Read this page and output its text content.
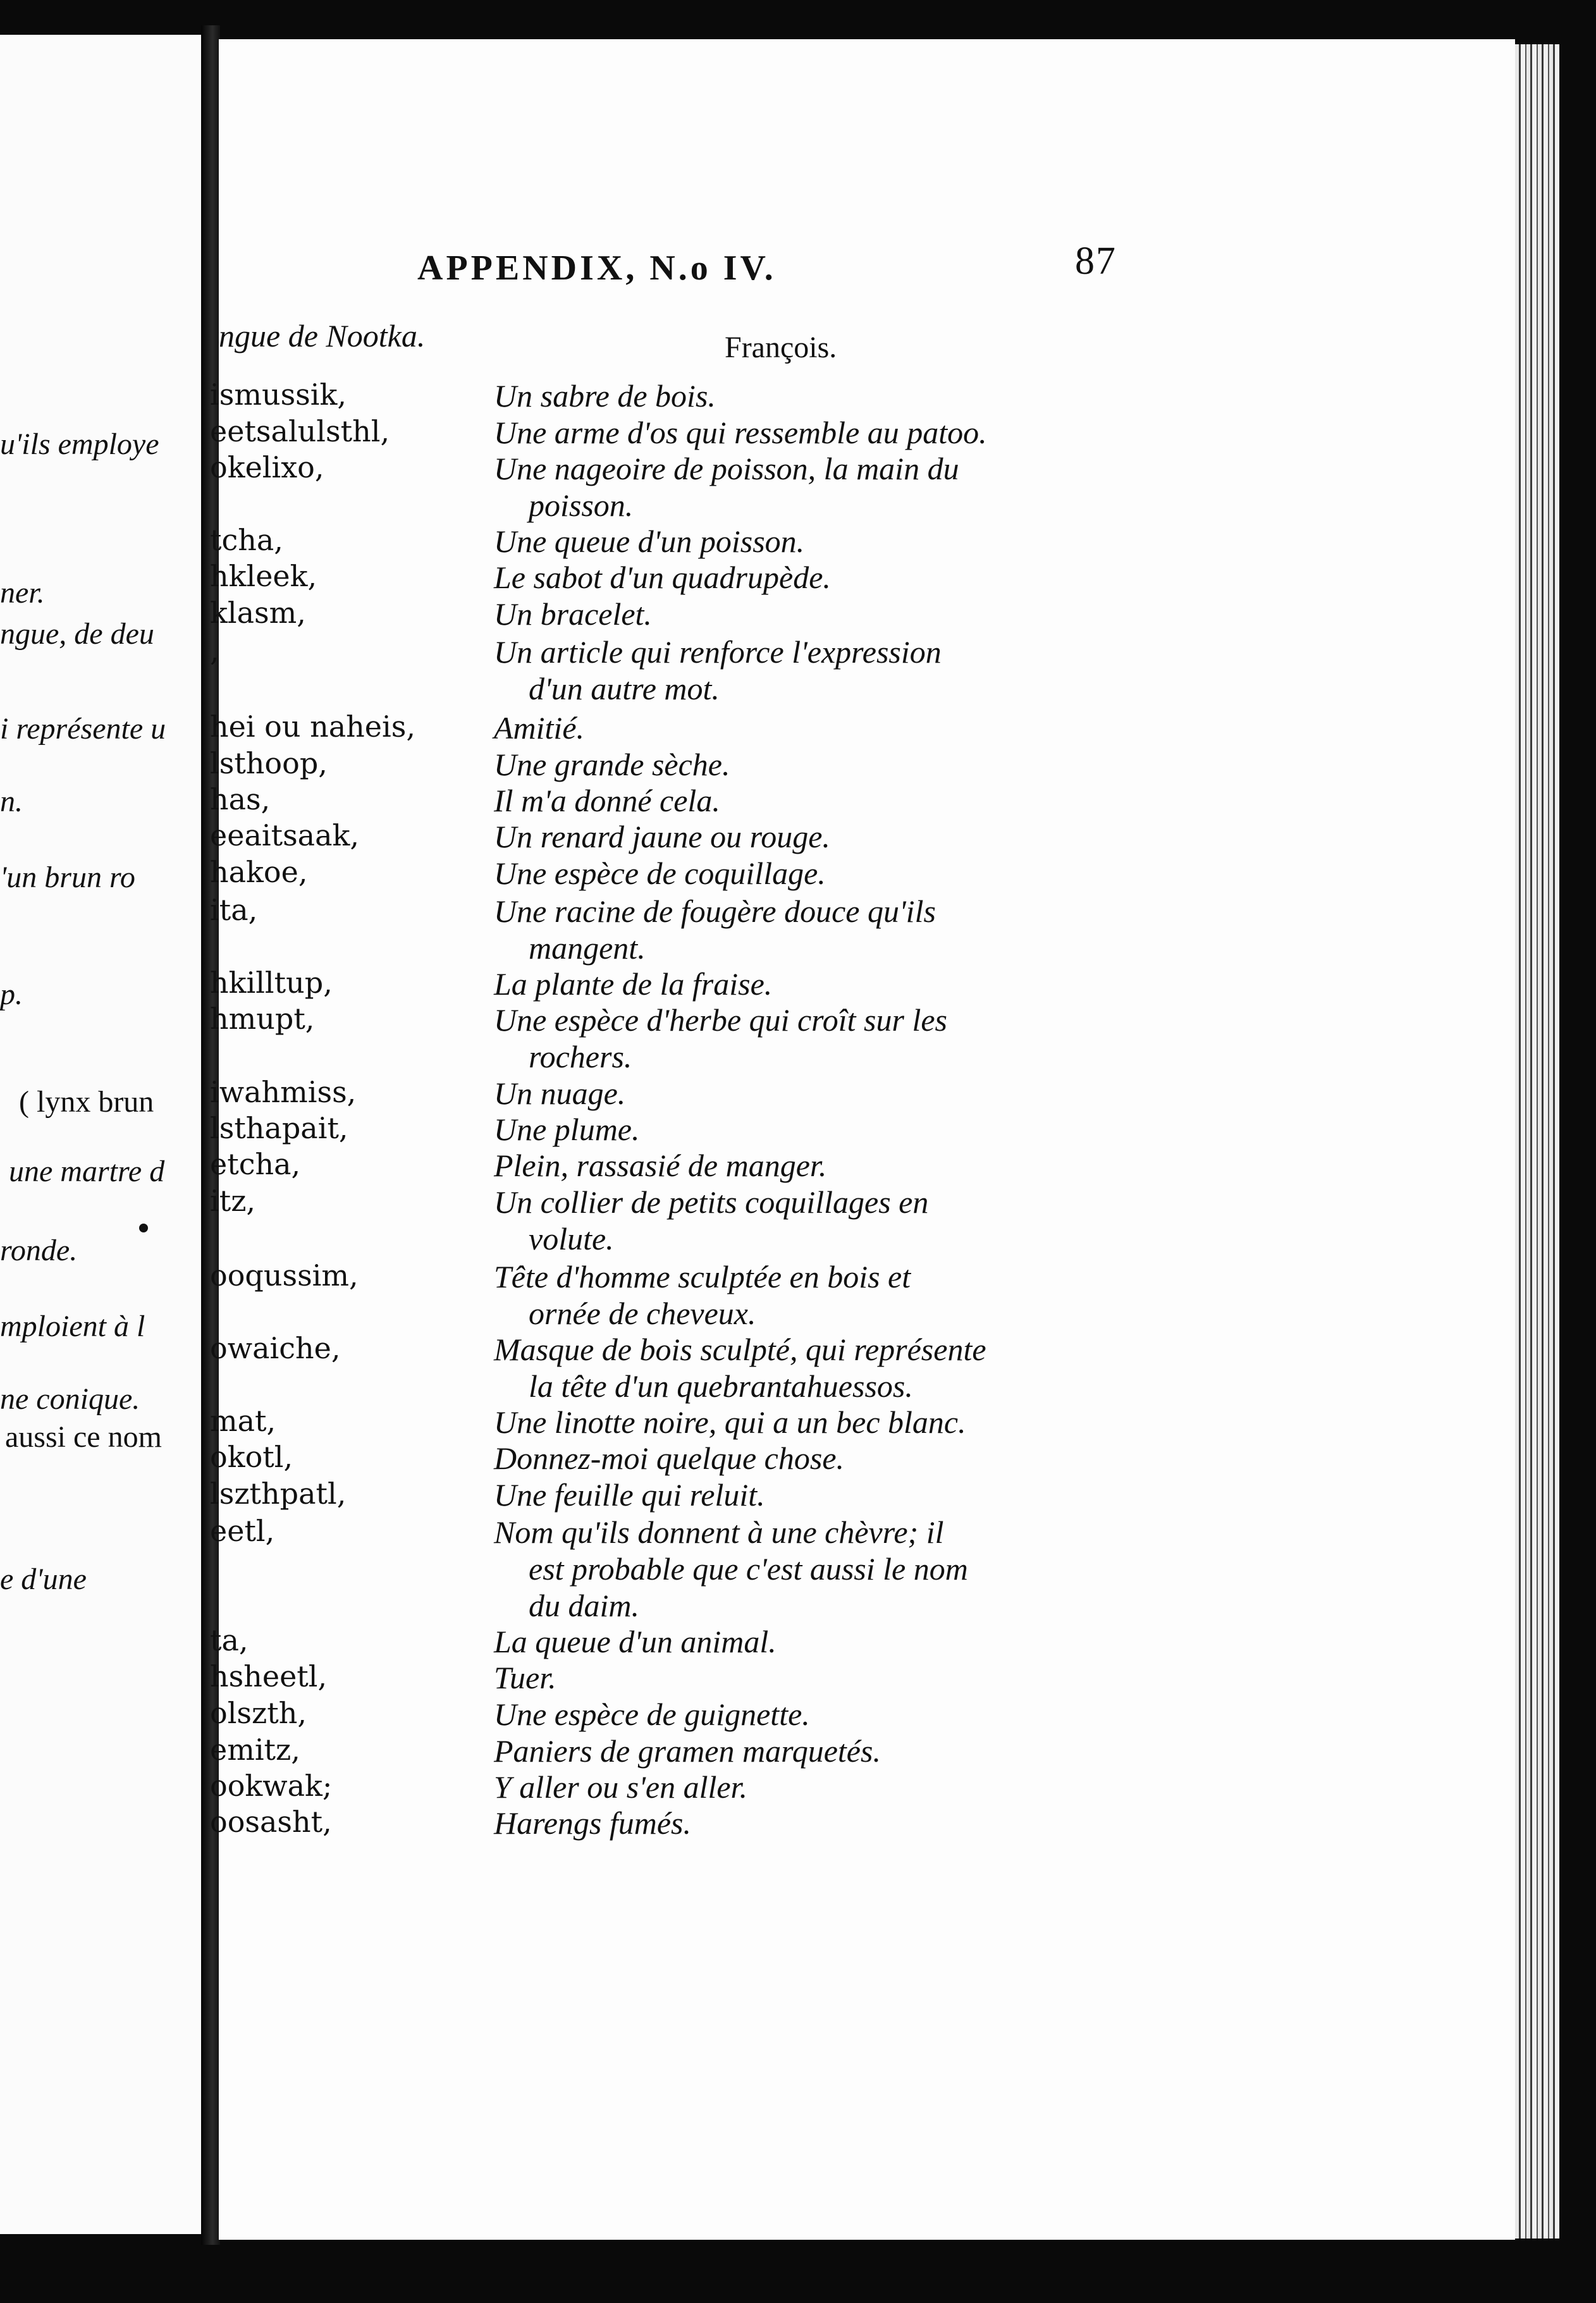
u'ils employe
ner.
ngue, de deu
i représente u
n.
'un brun ro
p.
( lynx brun
une martre d
ronde.
mploient à l
ne conique.
aussi ce nom
e d'une
APPENDIX, N.o IV.	87
ngue de Nootka.	François.
ismussik,	Un sabre de bois.
eetsalulsthl,	Une arme d'os qui ressemble au patoo.
okelixo,	Une nageoire de poisson, la main du
poisson.
tcha,	Une queue d'un poisson.
hkleek,	Le sabot d'un quadrupède.
klasm,	Un bracelet.
,	Un article qui renforce l'expression
d'un autre mot.
hei ou naheis, Amitié.
lsthoop,	Une grande sèche.
has,	Il m'a donné cela.
eeaitsaak,	Un renard jaune ou rouge.
hakoe,	Une espèce de coquillage.
ita,	Une racine de fougère douce qu'ils
mangent.
hkilltup,	La plante de la fraise.
hmupt,	Une espèce d'herbe qui croît sur les
rochers.
iwahmiss,	Un nuage.
lsthapait,	Une plume.
etcha,	Plein, rassasié de manger.
itz,	Un collier de petits coquillages en
volute.
ooqussim,	Tête d'homme sculptée en bois et
ornée de cheveux.
owaiche,	Masque de bois sculpté, qui représente
la tête d'un quebrantahuessos.
mat,	Une linotte noire, qui a un bec blanc.
okotl,	Donnez-moi quelque chose.
lszthpatl,	Une feuille qui reluit.
eetl,	Nom qu'ils donnent à une chèvre; il
est probable que c'est aussi le nom
du daim.
ta,	La queue d'un animal.
hsheetl,	Tuer.
olszth,	Une espèce de guignette.
emitz,	Paniers de gramen marquetés.
ookwak;	Y aller ou s'en aller.
oosasht,	Harengs fumés.
